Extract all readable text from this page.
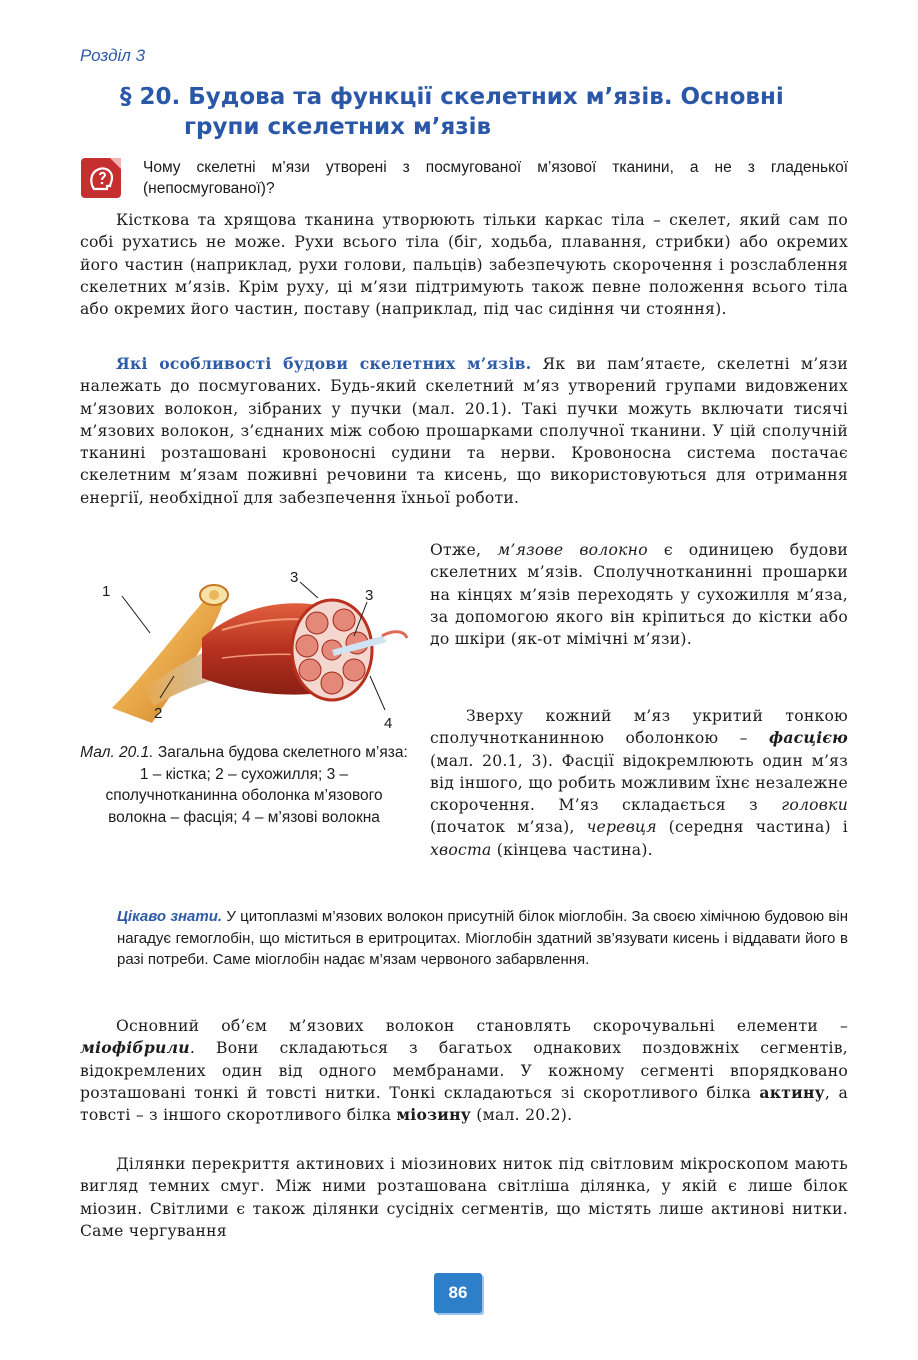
Розділ 3
§ 20. Будова та функції скелетних м’язів. Основні
групи скелетних м’язів
Чому скелетні м’язи утворені з посмугованої м’язової тканини, а не з гладенької (непосмугованої)?

Кісткова та хрящова тканина утворюють тільки каркас тіла – скелет, який сам по собі рухатись не може. Рухи всього тіла (біг, ходьба, плавання, стрибки) або окремих його частин (наприклад, рухи голови, пальців) забезпечують скорочення і розслаблення скелетних м’язів. Крім руху, ці м’язи підтримують також певне положення всього тіла або окремих його частин, поставу (наприклад, під час сидіння чи стояння).

Які особливості будови скелетних м’язів. Як ви пам’ятаєте, скелетні м’язи належать до посмугованих. Будь-який скелетний м’яз утворений групами видовжених м’язових волокон, зібраних у пучки (мал. 20.1). Такі пучки можуть включати тисячі м’язових волокон, з’єднаних між собою прошарками сполучної тканини. У цій сполучній тканині розташовані кровоносні судини та нерви. Кровоносна система постачає скелетним м’язам поживні речовини та кисень, що використовуються для отримання енергії, необхідної для забезпечення їхньої роботи.

1
2
3
3
4
Мал. 20.1. Загальна будова скелетного м’яза: 1 – кістка; 2 – сухожилля; 3 – сполучнотканинна оболонка м’язового волокна – фасція; 4 – м’язові волокна

Отже, м’язове волокно є одиницею будови скелетних м’язів. Сполучнотканинні прошарки на кінцях м’язів переходять у сухожилля м’яза, за допомогою якого він кріпиться до кістки або до шкіри (як-от мімічні м’язи).

Зверху кожний м’яз укритий тонкою сполучнотканинною оболонкою – фасцією (мал. 20.1, 3). Фасції відокремлюють один м’яз від іншого, що робить можливим їхнє незалежне скорочення. М’яз складається з головки (початок м’яза), черевця (середня частина) і хвоста (кінцева частина).

Цікаво знати. У цитоплазмі м’язових волокон присутній білок міоглобін. За своєю хімічною будовою він нагадує гемоглобін, що міститься в еритроцитах. Міоглобін здатний зв’язувати кисень і віддавати його в разі потреби. Саме міоглобін надає м’язам червоного забарвлення.

Основний об’єм м’язових волокон становлять скорочувальні елементи – міофібрили. Вони складаються з багатьох однакових поздовжніх сегментів, відокремлених один від одного мембранами. У кожному сегменті впорядковано розташовані тонкі й товсті нитки. Тонкі складаються зі скоротливого білка актину, а товсті – з іншого скоротливого білка міозину (мал. 20.2).

Ділянки перекриття актинових і міозинових ниток під світловим мікроскопом мають вигляд темних смуг. Між ними розташована світліша ділянка, у якій є лише білок міозин. Світлими є також ділянки сусідніх сегментів, що містять лише актинові нитки. Саме чергування

86
